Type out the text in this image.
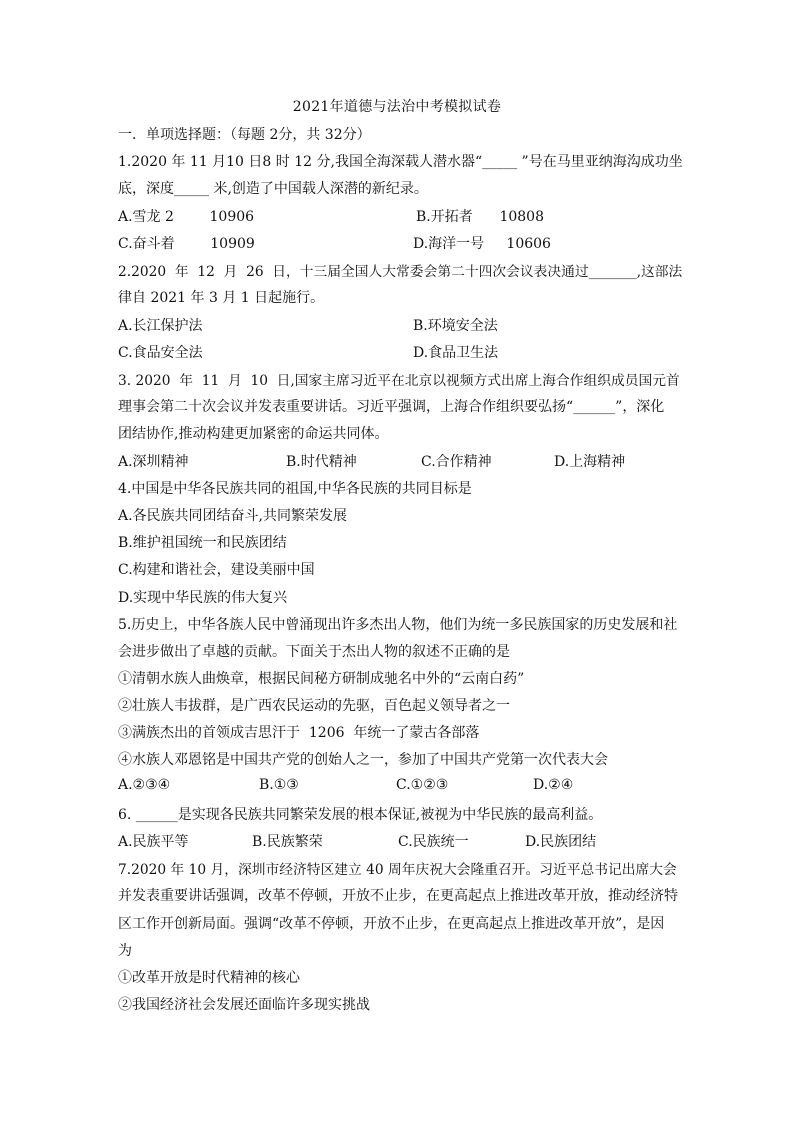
2021年道德与法治中考模拟试卷
一．单项选择题：（每题 2分，共 32分）
1.2020 年 11 月10 日8 时 12 分,我国全海深载人潜水器“_____ ”号在马里亚纳海沟成功坐
底，深度_____ 米,创造了中国载人深潜的新纪录。
A.雪龙 2        10906	B.开拓者      10808
C.奋斗着        10909	D.海洋一号     10606
2.2020  年  12  月  26  日，十三届全国人大常委会第二十四次会议表决通过_______,这部法
律自 2021 年 3 月 1 日起施行。
A.长江保护法	B.环境安全法
C.食品安全法	D.食品卫生法
3. 2020  年  11  月  10  日,国家主席习近平在北京以视频方式出席上海合作组织成员国元首
理事会第二十次会议并发表重要讲话。习近平强调，上海合作组织要弘扬“______”，深化
团结协作,推动构建更加紧密的命运共同体。
A.深圳精神	B.时代精神	C.合作精神	D.上海精神
4.中国是中华各民族共同的祖国,中华各民族的共同目标是
A.各民族共同团结奋斗,共同繁荣发展
B.维护祖国统一和民族团结
C.构建和谐社会，建设美丽中国
D.实现中华民族的伟大复兴
5.历史上，中华各族人民中曾涌现出许多杰出人物，他们为统一多民族国家的历史发展和社
会进步做出了卓越的贡献。下面关于杰出人物的叙述不正确的是
①清朝水族人曲焕章，根据民间秘方研制成驰名中外的“云南白药”
②壮族人韦拔群，是广西农民运动的先驱，百色起义领导者之一
③满族杰出的首领成吉思汗于  1206  年统一了蒙古各部落
④水族人邓恩铭是中国共产党的创始人之一，参加了中国共产党第一次代表大会
A.②③④	B.①③	C.①②③	D.②④
6. ______是实现各民族共同繁荣发展的根本保证,被视为中华民族的最高利益。
A.民族平等	B.民族繁荣	C.民族统一	D.民族团结
7.2020 年 10 月，深圳市经济特区建立 40 周年庆祝大会隆重召开。习近平总书记出席大会
并发表重要讲话强调，改革不停顿，开放不止步，在更高起点上推进改革开放，推动经济特
区工作开创新局面。强调“改革不停顿，开放不止步，在更高起点上推进改革开放”，是因
为
①改革开放是时代精神的核心
②我国经济社会发展还面临许多现实挑战
